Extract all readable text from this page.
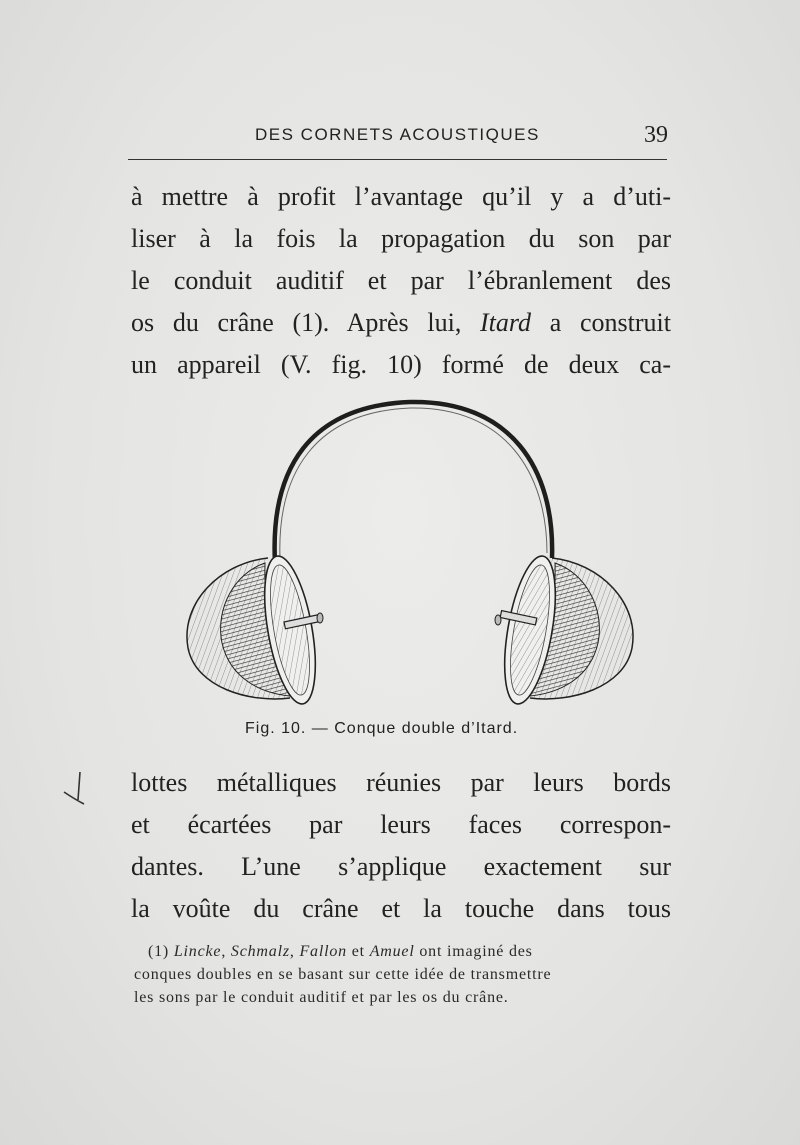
DES CORNETS ACOUSTIQUES	39
à mettre à profit l’avantage qu’il y a d’uti-
liser à la fois la propagation du son par
le conduit auditif et par l’ébranlement des
os du crâne (1). Après lui, Itard a construit
un appareil (V. fig. 10) formé de deux ca-
Fig. 10. — Conque double d’Itard.
lottes métalliques réunies par leurs bords
et écartées par leurs faces correspon-
dantes. L’une s’applique exactement sur
la voûte du crâne et la touche dans tous
(1) Lincke, Schmalz, Fallon et Amuel ont imaginé des
conques doubles en se basant sur cette idée de transmettre
les sons par le conduit auditif et par les os du crâne.
